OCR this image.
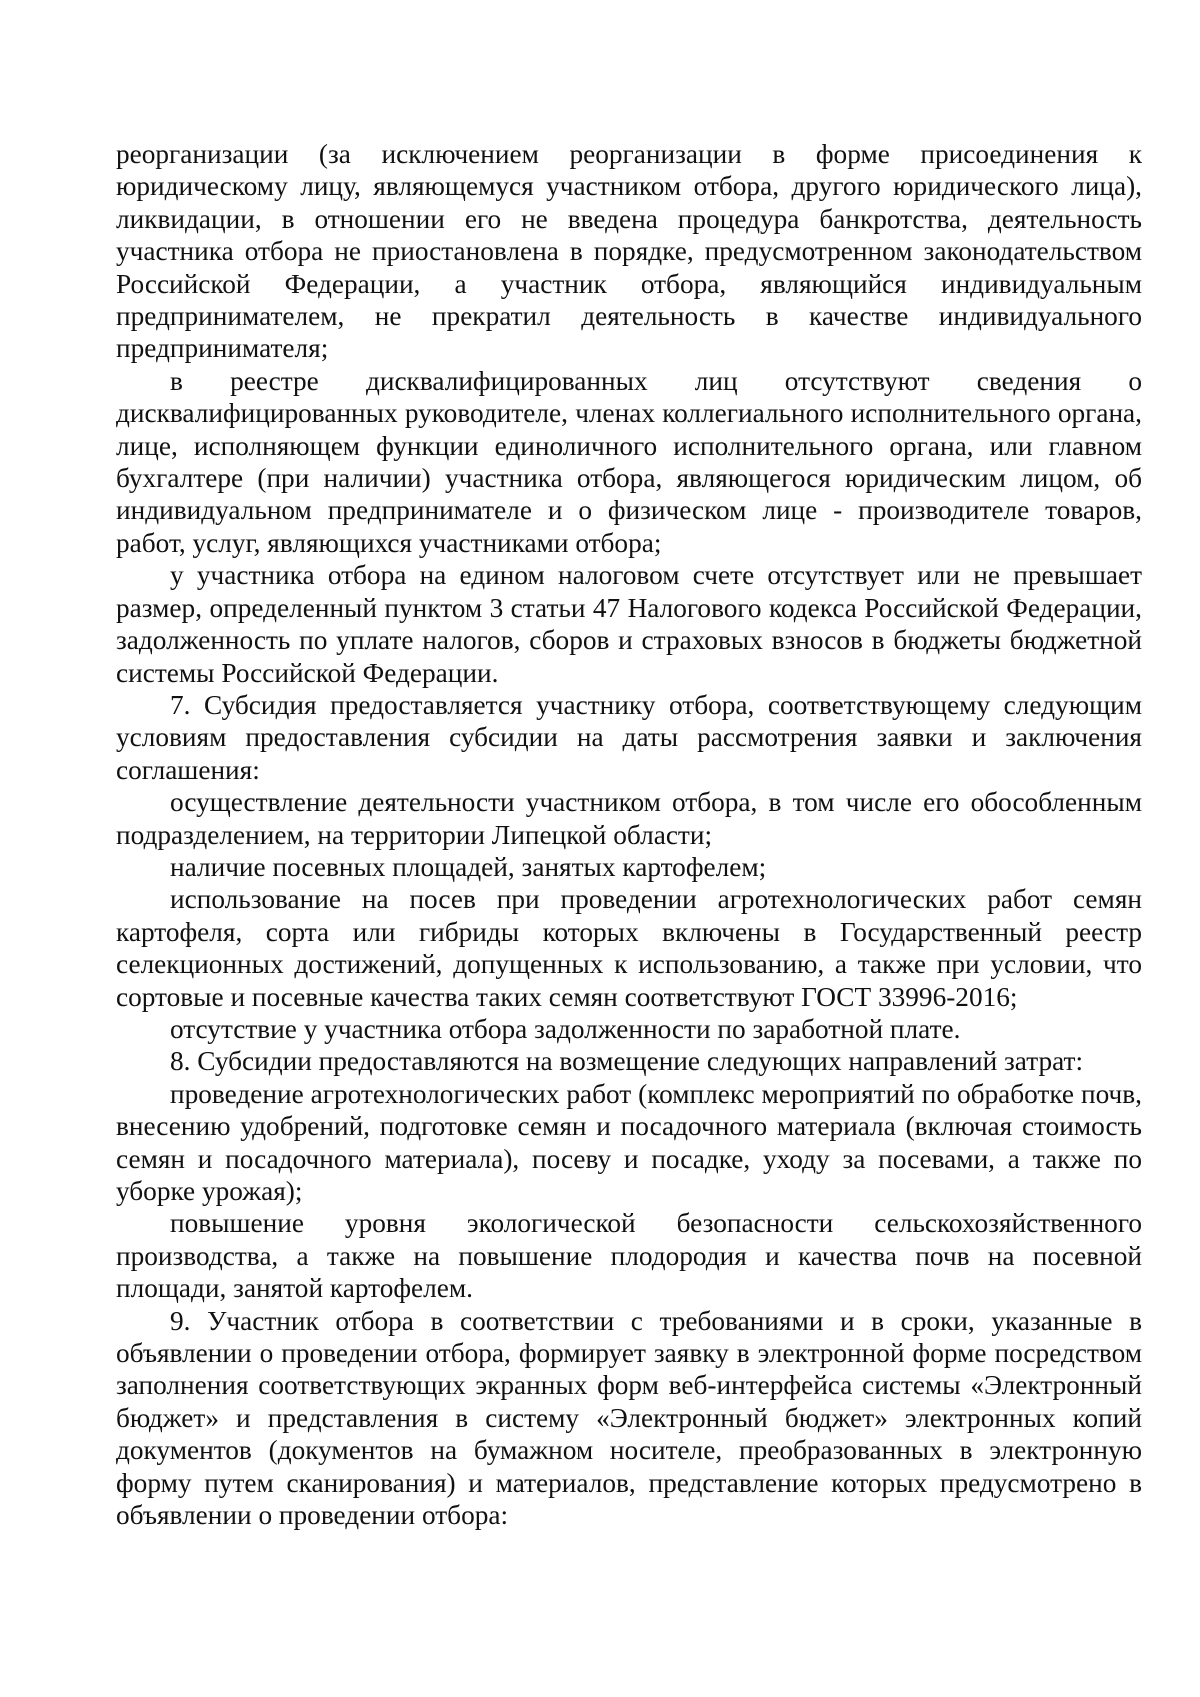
реорганизации (за исключением реорганизации в форме присоединения к юридическому лицу, являющемуся участником отбора, другого юридического лица), ликвидации, в отношении его не введена процедура банкротства, деятельность участника отбора не приостановлена в порядке, предусмотренном законодательством Российской Федерации, а участник отбора, являющийся индивидуальным предпринимателем, не прекратил деятельность в качестве индивидуального предпринимателя;

в реестре дисквалифицированных лиц отсутствуют сведения о дисквалифицированных руководителе, членах коллегиального исполнительного органа, лице, исполняющем функции единоличного исполнительного органа, или главном бухгалтере (при наличии) участника отбора, являющегося юридическим лицом, об индивидуальном предпринимателе и о физическом лице - производителе товаров, работ, услуг, являющихся участниками отбора;

у участника отбора на едином налоговом счете отсутствует или не превышает размер, определенный пунктом 3 статьи 47 Налогового кодекса Российской Федерации, задолженность по уплате налогов, сборов и страховых взносов в бюджеты бюджетной системы Российской Федерации.

7. Субсидия предоставляется участнику отбора, соответствующему следующим условиям предоставления субсидии на даты рассмотрения заявки и заключения соглашения:

осуществление деятельности участником отбора, в том числе его обособленным подразделением, на территории Липецкой области;

наличие посевных площадей, занятых картофелем;

использование на посев при проведении агротехнологических работ семян картофеля, сорта или гибриды которых включены в Государственный реестр селекционных достижений, допущенных к использованию, а также при условии, что сортовые и посевные качества таких семян соответствуют ГОСТ 33996-2016;

отсутствие у участника отбора задолженности по заработной плате.

8. Субсидии предоставляются на возмещение следующих направлений затрат:

проведение агротехнологических работ (комплекс мероприятий по обработке почв, внесению удобрений, подготовке семян и посадочного материала (включая стоимость семян и посадочного материала), посеву и посадке, уходу за посевами, а также по уборке урожая);

повышение уровня экологической безопасности сельскохозяйственного производства, а также на повышение плодородия и качества почв на посевной площади, занятой картофелем.

9. Участник отбора в соответствии с требованиями и в сроки, указанные в объявлении о проведении отбора, формирует заявку в электронной форме посредством заполнения соответствующих экранных форм веб-интерфейса системы «Электронный бюджет» и представления в систему «Электронный бюджет» электронных копий документов (документов на бумажном носителе, преобразованных в электронную форму путем сканирования) и материалов, представление которых предусмотрено в объявлении о проведении отбора:
